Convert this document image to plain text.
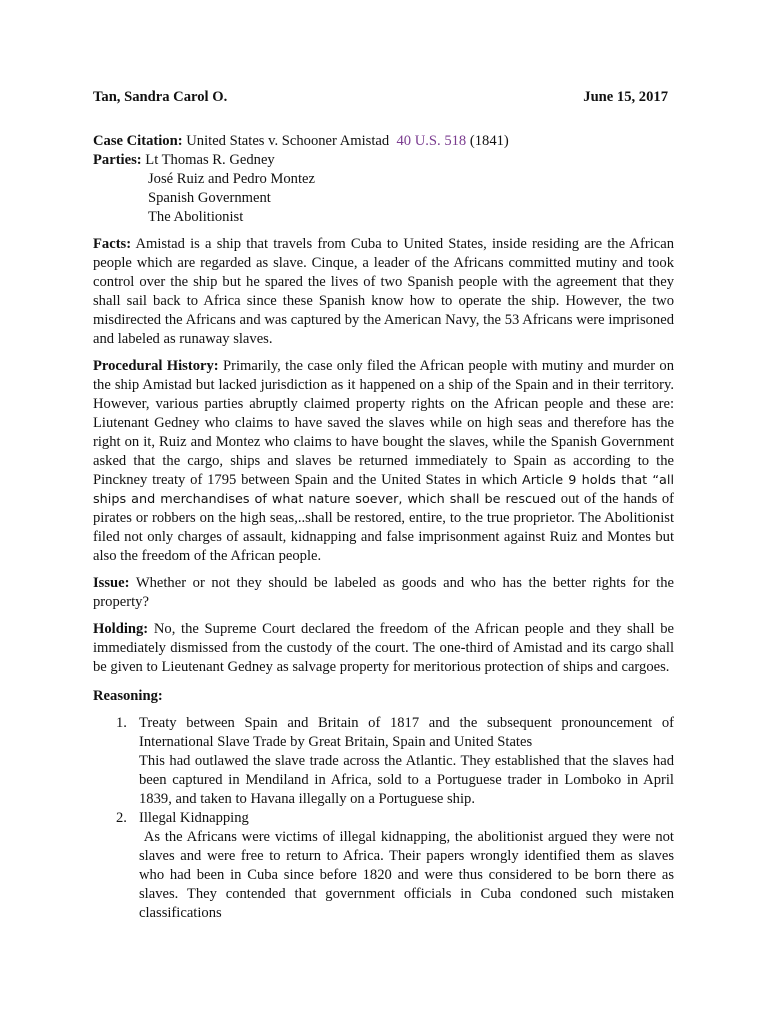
Tan, Sandra Carol O.	June 15, 2017

Case Citation: United States v. Schooner Amistad 40 U.S. 518 (1841)

Parties: Lt Thomas R. Gedney

José Ruiz and Pedro Montez

Spanish Government

The Abolitionist

Facts: Amistad is a ship that travels from Cuba to United States, inside residing are the African people which are regarded as slave. Cinque, a leader of the Africans committed mutiny and took control over the ship but he spared the lives of two Spanish people with the agreement that they shall sail back to Africa since these Spanish know how to operate the ship. However, the two misdirected the Africans and was captured by the American Navy, the 53 Africans were imprisoned and labeled as runaway slaves.

Procedural History: Primarily, the case only filed the African people with mutiny and murder on the ship Amistad but lacked jurisdiction as it happened on a ship of the Spain and in their territory. However, various parties abruptly claimed property rights on the African people and these are: Liutenant Gedney who claims to have saved the slaves while on high seas and therefore has the right on it, Ruiz and Montez who claims to have bought the slaves, while the Spanish Government asked that the cargo, ships and slaves be returned immediately to Spain as according to the Pinckney treaty of 1795 between Spain and the United States in which Article 9 holds that “all ships and merchandises of what nature soever, which shall be rescued out of the hands of pirates or robbers on the high seas,..shall be restored, entire, to the true proprietor. The Abolitionist filed not only charges of assault, kidnapping and false imprisonment against Ruiz and Montes but also the freedom of the African people.

Issue: Whether or not they should be labeled as goods and who has the better rights for the property?

Holding: No, the Supreme Court declared the freedom of the African people and they shall be immediately dismissed from the custody of the court. The one-third of Amistad and its cargo shall be given to Lieutenant Gedney as salvage property for meritorious protection of ships and cargoes.

Reasoning:

1. Treaty between Spain and Britain of 1817 and the subsequent pronouncement of International Slave Trade by Great Britain, Spain and United States
This had outlawed the slave trade across the Atlantic. They established that the slaves had been captured in Mendiland in Africa, sold to a Portuguese trader in Lomboko in April 1839, and taken to Havana illegally on a Portuguese ship.
2. Illegal Kidnapping
As the Africans were victims of illegal kidnapping, the abolitionist argued they were not slaves and were free to return to Africa. Their papers wrongly identified them as slaves who had been in Cuba since before 1820 and were thus considered to be born there as slaves. They contended that government officials in Cuba condoned such mistaken classifications
